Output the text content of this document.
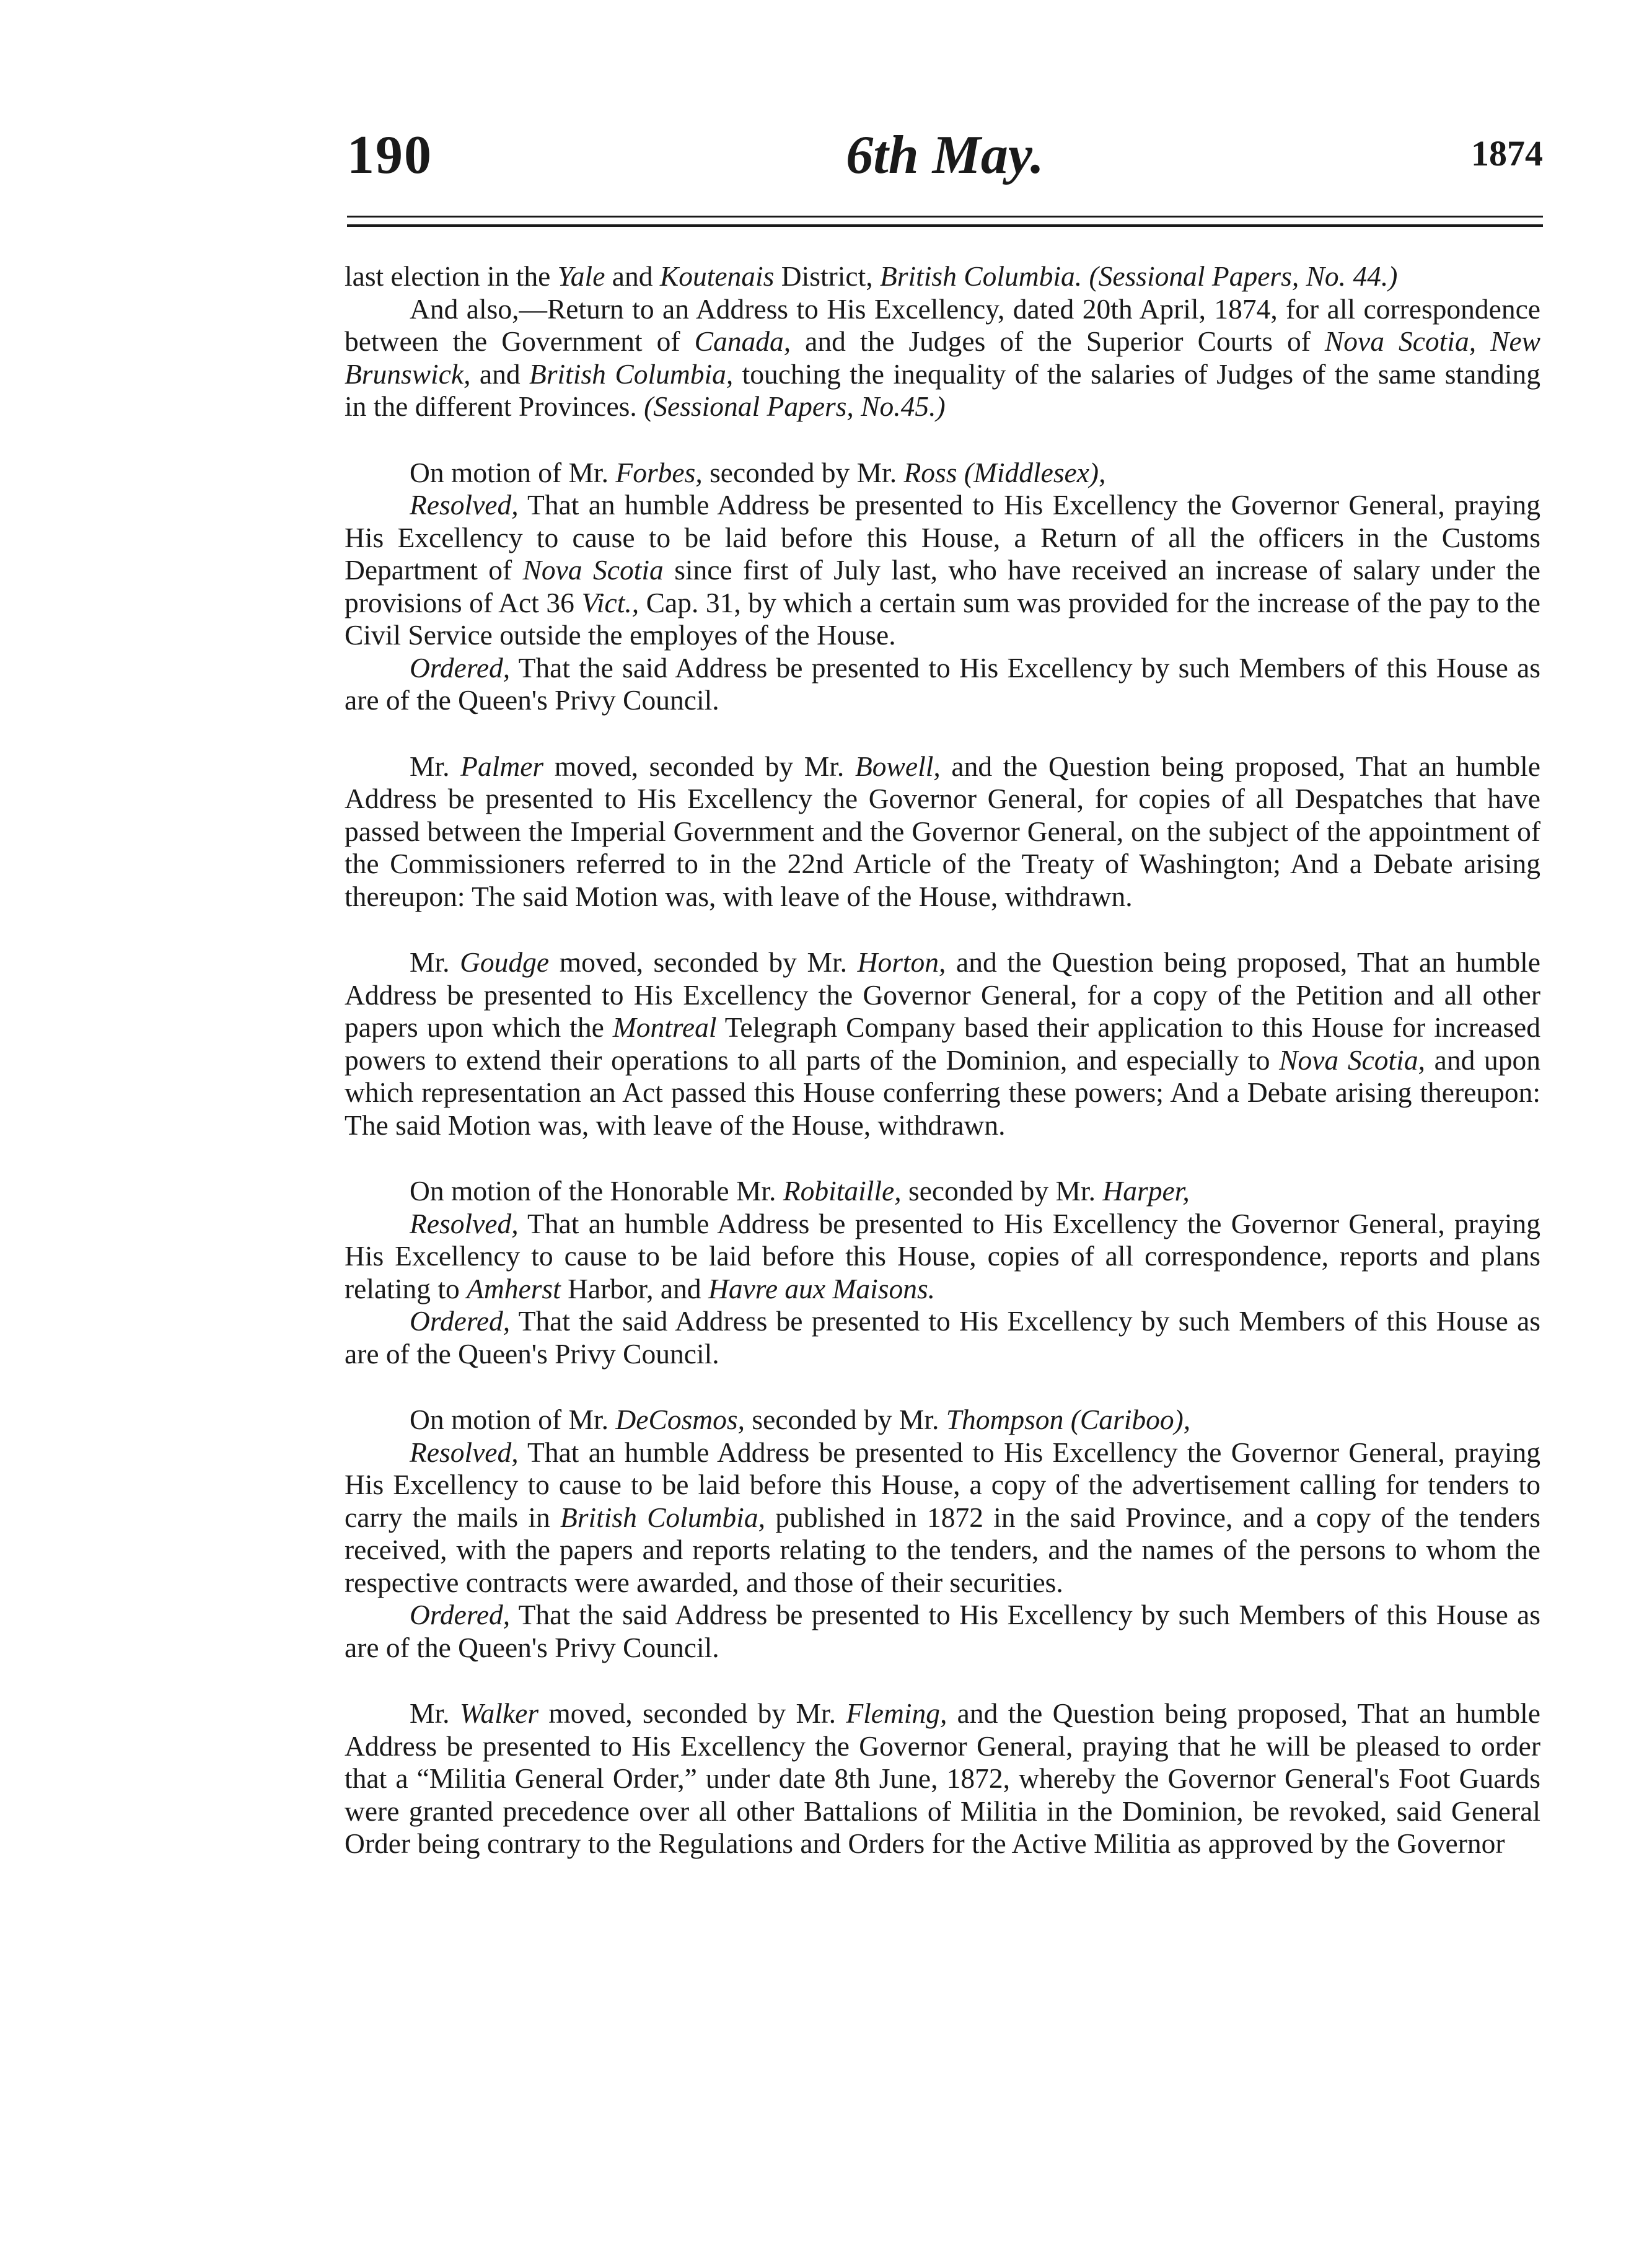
190	6th May.	1874

last election in the Yale and Koutenais District, British Columbia. (Sessional Papers, No. 44.)

And also,—Return to an Address to His Excellency, dated 20th April, 1874, for all correspondence between the Government of Canada, and the Judges of the Superior Courts of Nova Scotia, New Brunswick, and British Columbia, touching the inequality of the salaries of Judges of the same standing in the different Provinces. (Sessional Papers, No.45.)

On motion of Mr. Forbes, seconded by Mr. Ross (Middlesex),

Resolved, That an humble Address be presented to His Excellency the Governor General, praying His Excellency to cause to be laid before this House, a Return of all the officers in the Customs Department of Nova Scotia since first of July last, who have received an increase of salary under the provisions of Act 36 Vict., Cap. 31, by which a certain sum was provided for the increase of the pay to the Civil Service outside the employes of the House.

Ordered, That the said Address be presented to His Excellency by such Members of this House as are of the Queen's Privy Council.

Mr. Palmer moved, seconded by Mr. Bowell, and the Question being proposed, That an humble Address be presented to His Excellency the Governor General, for copies of all Despatches that have passed between the Imperial Government and the Governor General, on the subject of the appointment of the Commissioners referred to in the 22nd Article of the Treaty of Washington; And a Debate arising thereupon: The said Motion was, with leave of the House, withdrawn.

Mr. Goudge moved, seconded by Mr. Horton, and the Question being proposed, That an humble Address be presented to His Excellency the Governor General, for a copy of the Petition and all other papers upon which the Montreal Telegraph Company based their application to this House for increased powers to extend their operations to all parts of the Dominion, and especially to Nova Scotia, and upon which representation an Act passed this House conferring these powers; And a Debate arising thereupon: The said Motion was, with leave of the House, withdrawn.

On motion of the Honorable Mr. Robitaille, seconded by Mr. Harper,

Resolved, That an humble Address be presented to His Excellency the Governor General, praying His Excellency to cause to be laid before this House, copies of all correspondence, reports and plans relating to Amherst Harbor, and Havre aux Maisons.

Ordered, That the said Address be presented to His Excellency by such Members of this House as are of the Queen's Privy Council.

On motion of Mr. DeCosmos, seconded by Mr. Thompson (Cariboo),

Resolved, That an humble Address be presented to His Excellency the Governor General, praying His Excellency to cause to be laid before this House, a copy of the advertisement calling for tenders to carry the mails in British Columbia, published in 1872 in the said Province, and a copy of the tenders received, with the papers and reports relating to the tenders, and the names of the persons to whom the respective contracts were awarded, and those of their securities.

Ordered, That the said Address be presented to His Excellency by such Members of this House as are of the Queen's Privy Council.

Mr. Walker moved, seconded by Mr. Fleming, and the Question being proposed, That an humble Address be presented to His Excellency the Governor General, praying that he will be pleased to order that a “Militia General Order,” under date 8th June, 1872, whereby the Governor General's Foot Guards were granted precedence over all other Battalions of Militia in the Dominion, be revoked, said General Order being contrary to the Regulations and Orders for the Active Militia as approved by the Governor
